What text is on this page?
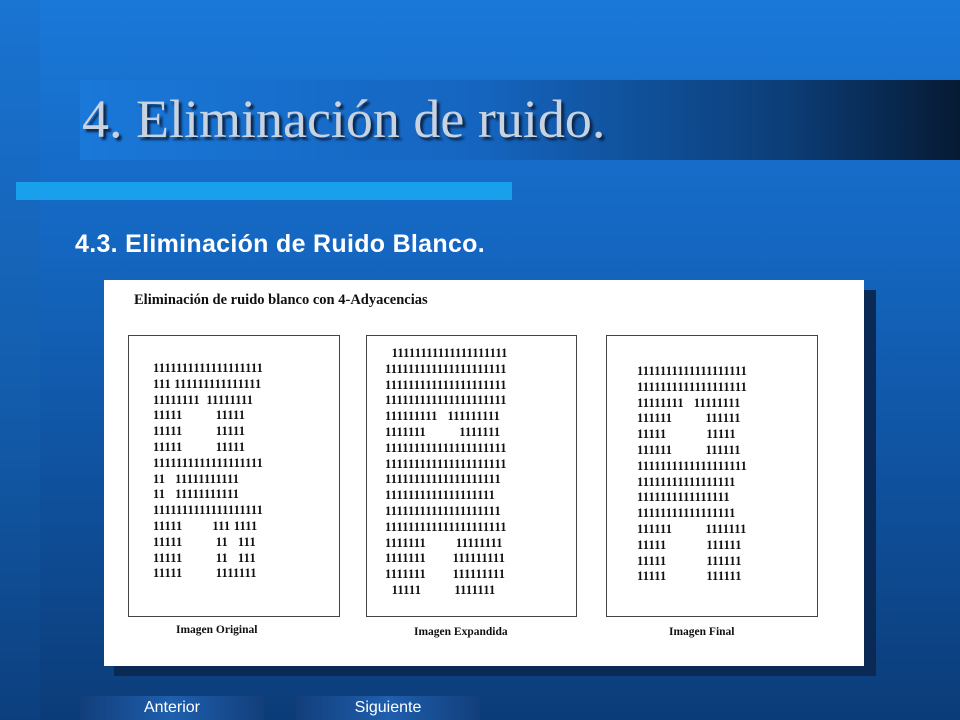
4. Eliminación de ruido.
4.3. Eliminación de Ruido Blanco.
Eliminación de ruido blanco con 4-Adyacencias
1111111111111111111
111 111111111111111
11111111  11111111
11111          11111
11111          11111
11111          11111
1111111111111111111
11   11111111111
11   11111111111
1111111111111111111
11111         111 1111
11111          11   111
11111          11   111
11111          1111111
Imagen Original
11111111111111111111
111111111111111111111
111111111111111111111
111111111111111111111
111111111   111111111
1111111          1111111
111111111111111111111
111111111111111111111
11111111111111111111
1111111111111111111
11111111111111111111
111111111111111111111
1111111         11111111
1111111        111111111
1111111        111111111
11111          1111111
Imagen Expandida
1111111111111111111
1111111111111111111
11111111   11111111
111111          111111
11111            11111
111111          111111
1111111111111111111
11111111111111111
1111111111111111
11111111111111111
111111          1111111
11111            111111
11111            111111
11111            111111
Imagen Final
Anterior	Siguiente
